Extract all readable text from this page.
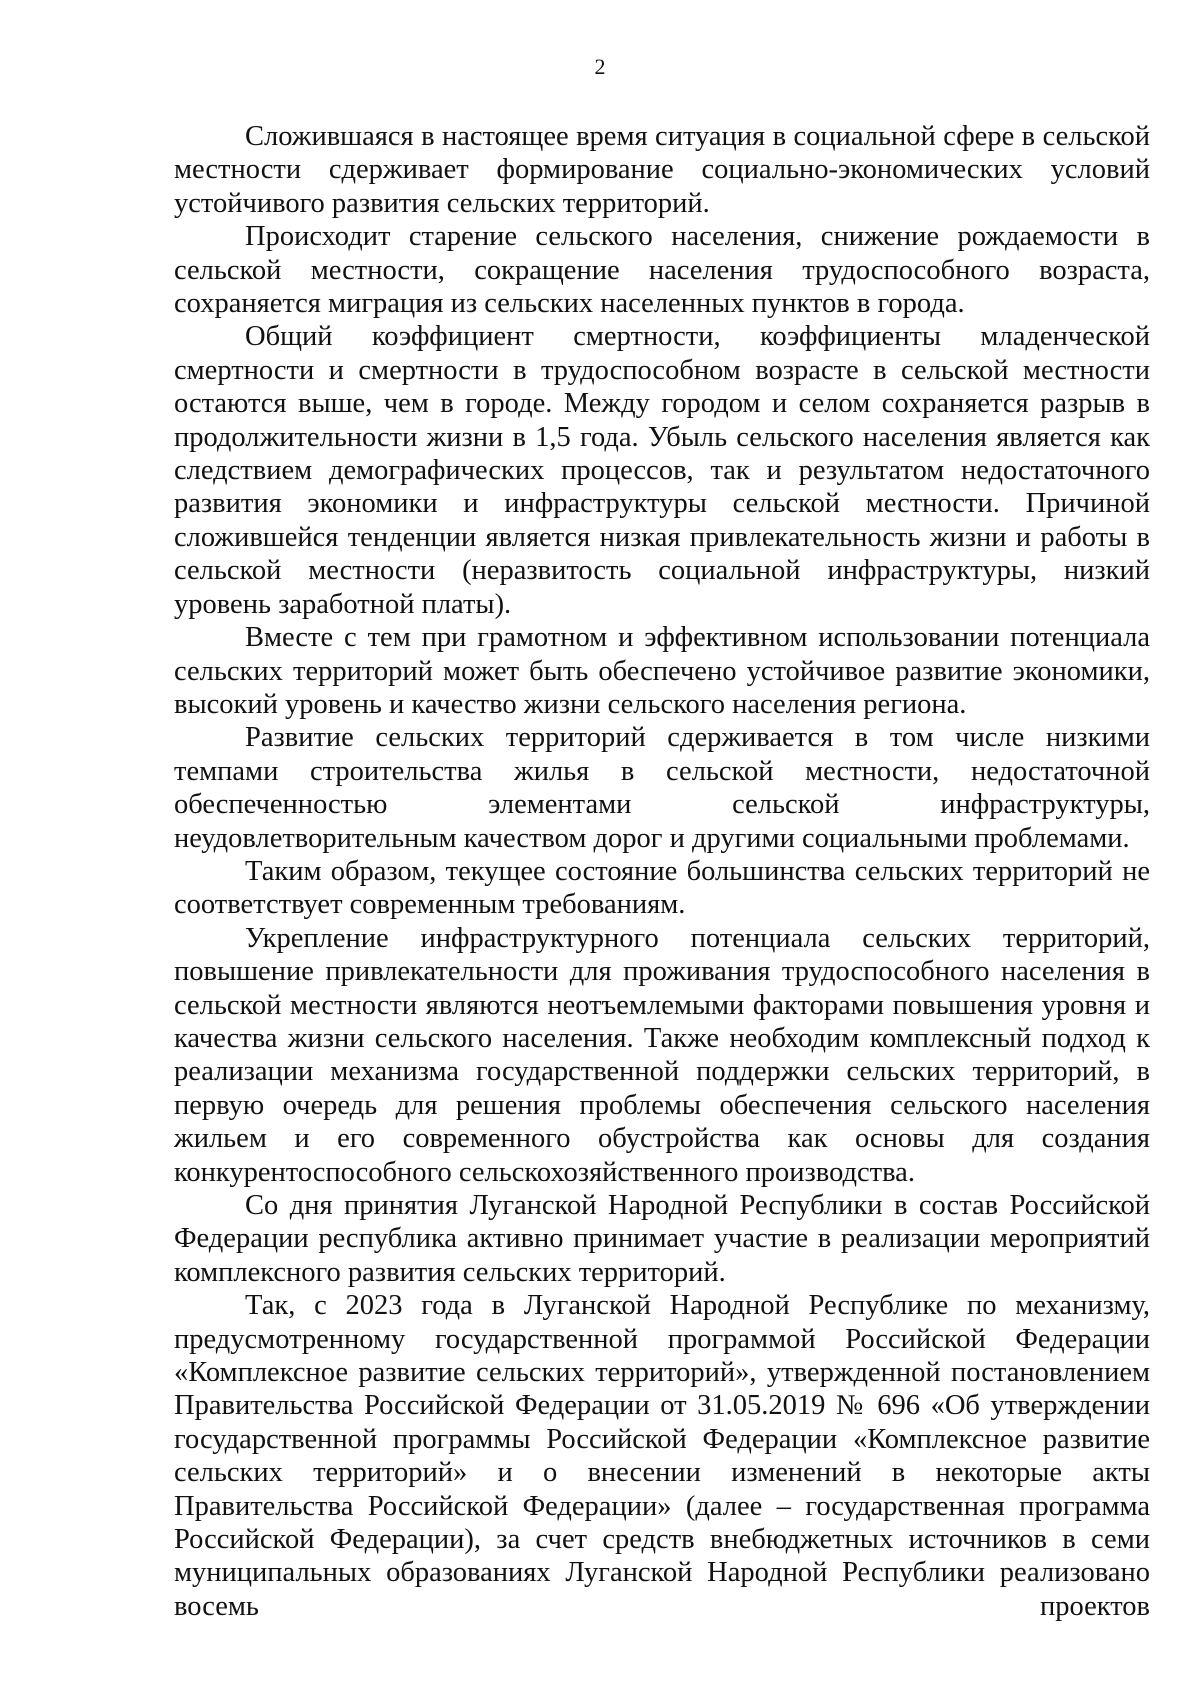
2

Сложившаяся в настоящее время ситуация в социальной сфере в сельской местности сдерживает формирование социально-экономических условий устойчивого развития сельских территорий.

Происходит старение сельского населения, снижение рождаемости в сельской местности, сокращение населения трудоспособного возраста, сохраняется миграция из сельских населенных пунктов в города.

Общий коэффициент смертности, коэффициенты младенческой смертности и смертности в трудоспособном возрасте в сельской местности остаются выше, чем в городе. Между городом и селом сохраняется разрыв в продолжительности жизни в 1,5 года. Убыль сельского населения является как следствием демографических процессов, так и результатом недостаточного развития экономики и инфраструктуры сельской местности. Причиной сложившейся тенденции является низкая привлекательность жизни и работы в сельской местности (неразвитость социальной инфраструктуры, низкий уровень заработной платы).

Вместе с тем при грамотном и эффективном использовании потенциала сельских территорий может быть обеспечено устойчивое развитие экономики, высокий уровень и качество жизни сельского населения региона.

Развитие сельских территорий сдерживается в том числе низкими темпами строительства жилья в сельской местности, недостаточной обеспеченностью элементами сельской инфраструктуры, неудовлетворительным качеством дорог и другими социальными проблемами.

Таким образом, текущее состояние большинства сельских территорий не соответствует современным требованиям.

Укрепление инфраструктурного потенциала сельских территорий, повышение привлекательности для проживания трудоспособного населения в сельской местности являются неотъемлемыми факторами повышения уровня и качества жизни сельского населения. Также необходим комплексный подход к реализации механизма государственной поддержки сельских территорий, в первую очередь для решения проблемы обеспечения сельского населения жильем и его современного обустройства как основы для создания конкурентоспособного сельскохозяйственного производства.

Со дня принятия Луганской Народной Республики в состав Российской Федерации республика активно принимает участие в реализации мероприятий комплексного развития сельских территорий.

Так, с 2023 года в Луганской Народной Республике по механизму, предусмотренному государственной программой Российской Федерации «Комплексное развитие сельских территорий», утвержденной постановлением Правительства Российской Федерации от 31.05.2019 № 696 «Об утверждении государственной программы Российской Федерации «Комплексное развитие сельских территорий» и о внесении изменений в некоторые акты Правительства Российской Федерации» (далее – государственная программа Российской Федерации), за счет средств внебюджетных источников в семи муниципальных образованиях Луганской Народной Республики реализовано восемь проектов
